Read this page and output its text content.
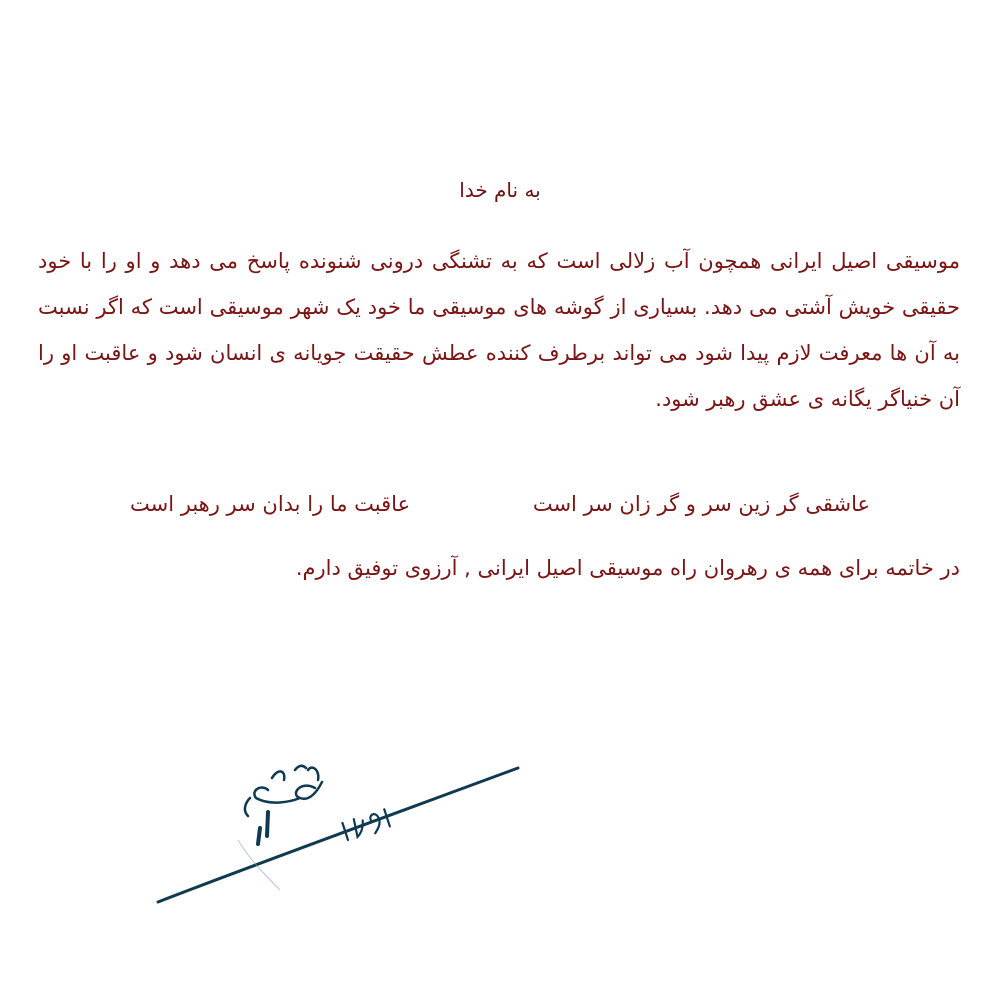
به نام خدا

موسیقی اصیل ایرانی همچون آب زلالی است که به تشنگی درونی شنونده پاسخ می دهد و او را با خود حقیقی خویش آشتی می دهد. بسیاری از گوشه های موسیقی ما خود یک شهر موسیقی است که اگر نسبت به آن ها معرفت لازم پیدا شود می تواند برطرف کننده عطش حقیقت جویانه ی انسان شود و عاقبت او را آن خنیاگر یگانه ی عشق رهبر شود.

عاشقی گر زین سر و گر زان سر است
عاقبت ما را بدان سر رهبر است

در خاتمه برای همه ی رهروان راه موسیقی اصیل ایرانی , آرزوی توفیق دارم.
